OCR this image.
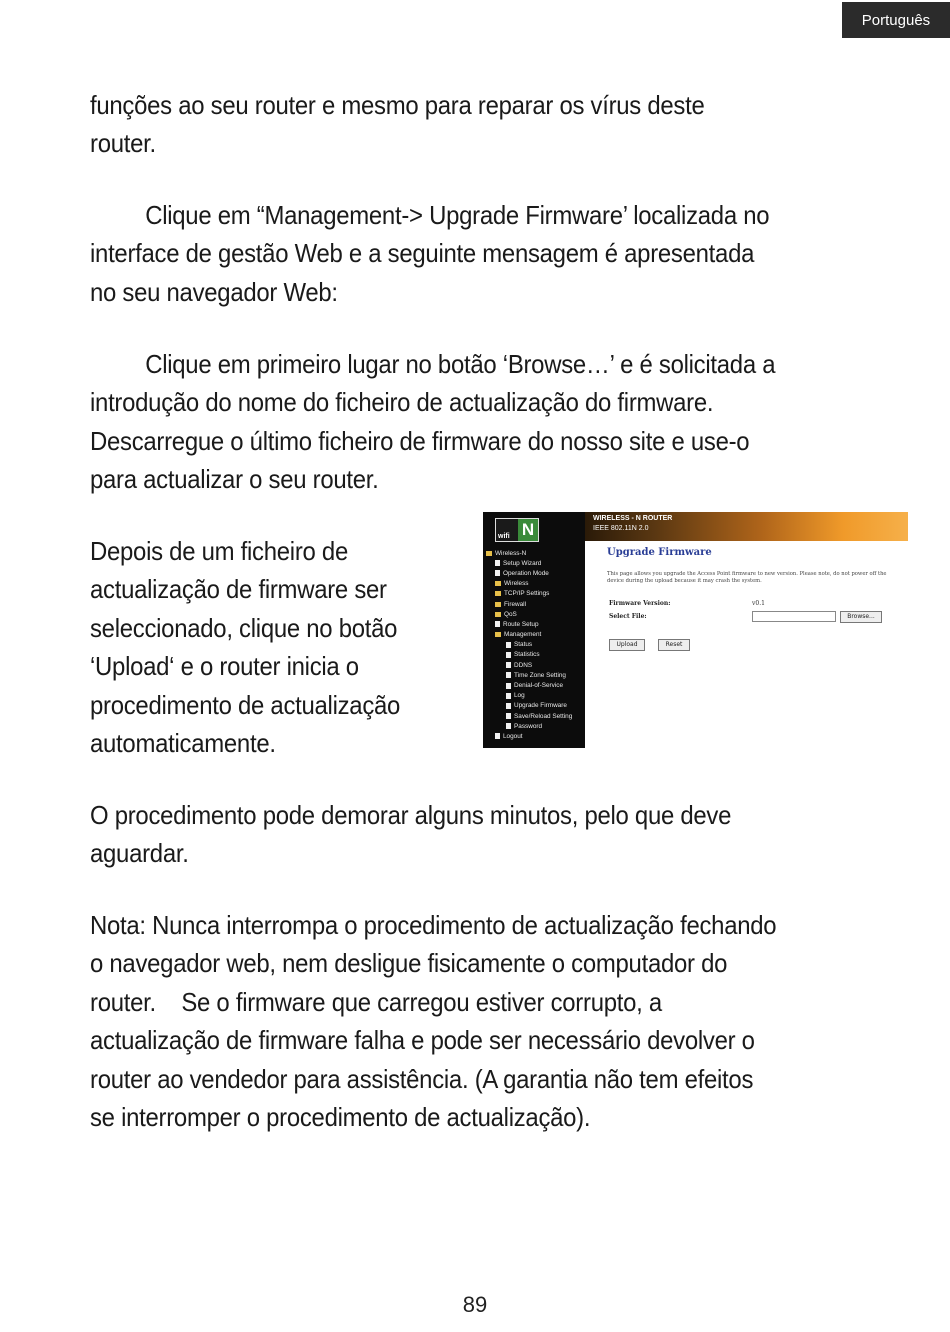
Português

funções ao seu router e mesmo para reparar os vírus deste
router.

Clique em “Management-> Upgrade Firmware’ localizada no
interface de gestão Web e a seguinte mensagem é apresentada
no seu navegador Web:

Clique em primeiro lugar no botão ‘Browse…’ e é solicitada a
introdução do nome do ficheiro de actualização do firmware.
Descarregue o último ficheiro de firmware do nosso site e use-o
para actualizar o seu router.

Depois de um ficheiro de
actualização de firmware ser
seleccionado, clique no botão
‘Upload‘ e o router inicia o
procedimento de actualização
automaticamente.

wifi N
Wireless-N
Setup Wizard
Operation Mode
Wireless
TCP/IP Settings
Firewall
QoS
Route Setup
Management
Status
Statistics
DDNS
Time Zone Setting
Denial-of-Service
Log
Upgrade Firmware
Save/Reload Setting
Password
Logout
WIRELESS - N ROUTER
IEEE 802.11N 2.0
Upgrade Firmware
This page allows you upgrade the Access Point firmware to new version. Please note, do not power off the device during the upload because it may crash the system.
Firmware Version:	v0.1
Select File:	Browse...
Upload	Reset

O procedimento pode demorar alguns minutos, pelo que deve
aguardar.

Nota: Nunca interrompa o procedimento de actualização fechando
o navegador web, nem desligue fisicamente o computador do
router.    Se o firmware que carregou estiver corrupto, a
actualização de firmware falha e pode ser necessário devolver o
router ao vendedor para assistência. (A garantia não tem efeitos
se interromper o procedimento de actualização).

89
